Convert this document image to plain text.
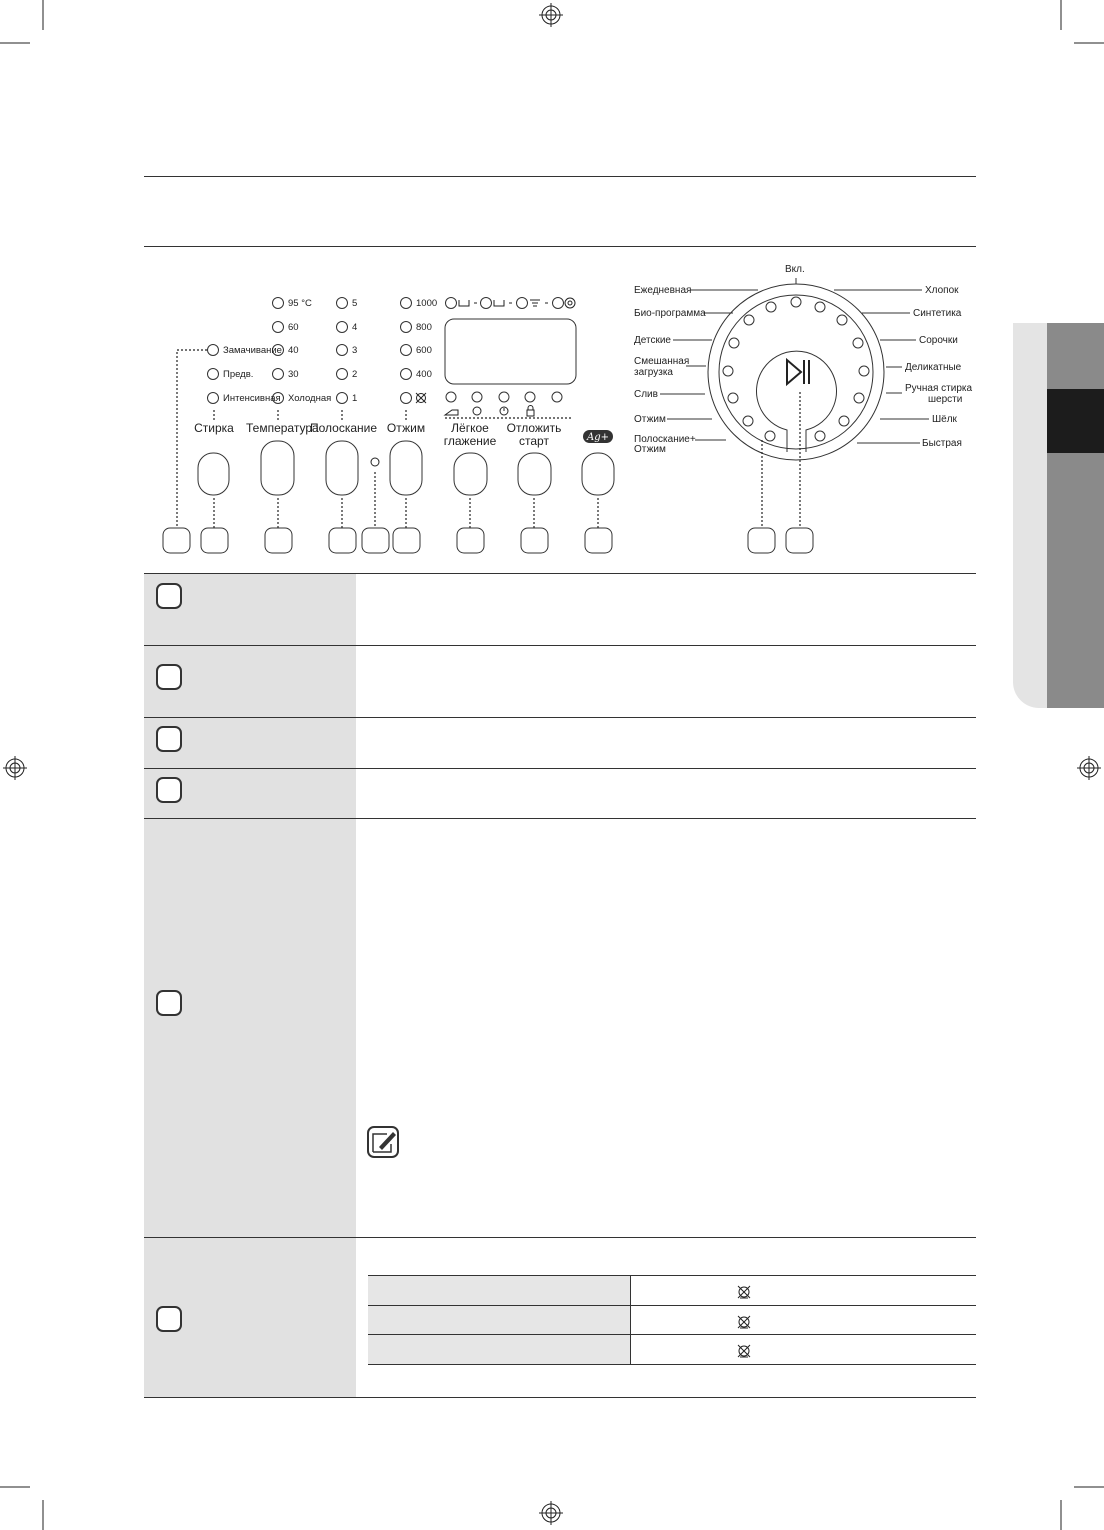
Ag+
Замачивание
Предв.
Интенсивная
95 °C
60
40
30
Холодная
5
4
3
2
1
1000
800
600
400
Стирка	Температура
Полоскание Отжим	Лёгкое
глажение
Отложить
старт
Вкл.
Ежедневная
Био-программа
Детские
Смешанная
загрузка
Слив
Отжим
Полоскание+
Отжим
Хлопок
Синтетика
Сорочки
Деликатные
Ручная стирка
шерсти
Шёлк
Быстрая
